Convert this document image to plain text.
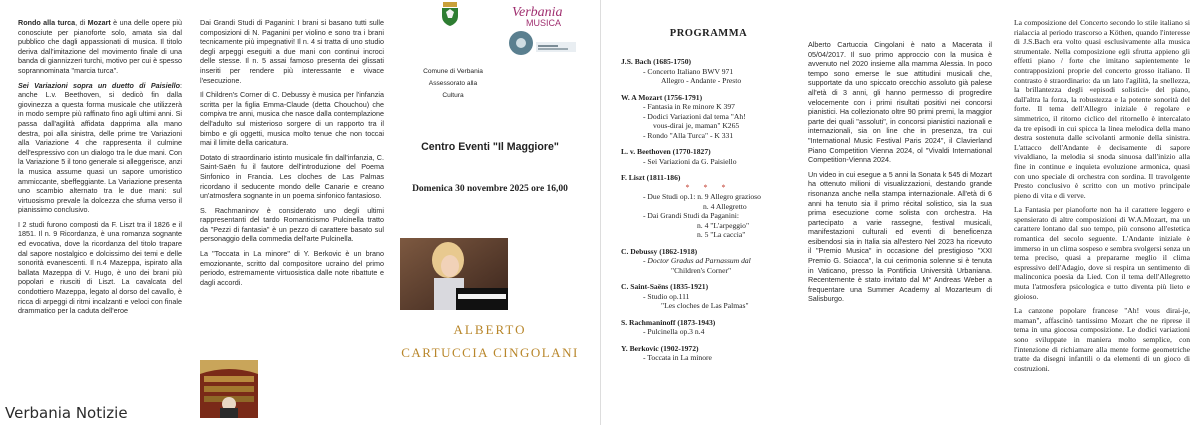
Rondo alla turca, di Mozart è una delle opere più conosciute per pianoforte solo, amata sia dal pubblico che dagli appassionati di musica. Il titolo deriva dall'imitazione del movimento finale di una banda di giannizzeri turchi, motivo per cui è spesso soprannominata "marcia turca".

Sei Variazioni sopra un duetto di Paisiello: anche L.v. Beethoven, si dedicò fin dalla giovinezza a questa forma musicale che utilizzerà in modo sempre più raffinato fino agli ultimi anni. Si passa dall'agilità affidata dapprima alla mano destra, poi alla sinistra, delle prime tre Variazioni alla Variazione 4 che rappresenta il culmine dell'espressivo con un dialogo tra le due mani. Con la Variazione 5 il tono generale si alleggerisce, anzi la musica assume quasi un sapore umoristico ammiccante, sbeffeggiante. La Variazione presenta uno scambio alternato tra le due mani: sul virtuosismo prevale la dolcezza che sfuma verso il pianissimo conclusivo.

I 2 studi furono composti da F. Liszt tra il 1826 e il 1851. Il n. 9 Ricordanza, è una romanza sognante ed evocativa, dove la ricordanza del titolo trapare dal sapore nostalgico e dolcissimo dei temi e delle sonorità evanescenti. Il n.4 Mazeppa, ispirato alla ballata Mazeppa di V. Hugo, è uno dei brani più popolari e riusciti di Liszt. La cavalcata del condottiero Mazeppa, legato al dorso del cavallo, è ricca di arpeggi di ritmi incalzanti e veloci con finale drammatico per la caduta dell'eroe

Dai Grandi Studi di Paganini: I brani si basano tutti sulle composizioni di N. Paganini per violino e sono tra i brani tecnicamente più impegnativi! Il n. 4 si tratta di uno studio degli arpeggi eseguiti a due mani con continui incroci delle stesse. Il n. 5 assai famoso presenta dei glissati inseriti per rendere più interessante e vivace l'esecuzione.

Il Children's Corner di C. Debussy è musica per l'infanzia scritta per la figlia Emma-Claude (detta Chouchou) che compiva tre anni, musica che nasce dalla contemplazione dell'adulto sul misterioso sorgere di un rapporto tra il bimbo e gli oggetti, musica molto tenue che non toccai mai il limite della caricatura.

Dotato di straordinario istinto musicale fin dall'infanzia, C. Saint-Saën fu il fautore dell'introduzione del Poema Sinfonico in Francia. Les cloches de Las Palmas ricordano il seducente mondo delle Canarie e creano un'atmosfera sognante in un poema sinfonico fantasioso.

S. Rachmaninov è considerato uno degli ultimi rappresentanti del tardo Romanticismo Pulcinella tratto da "Pezzi di fantasia" è un pezzo di carattere basato sul personaggio della commedia dell'arte Pulcinella.

La "Toccata in La minore" di Y. Berkovic è un brano emozionante, scritto dal compositore ucraino del primo periodo, estremamente virtuosistica dalle note ribattute e dagli accordi.

Verbania
MUSICA
Comune di Verbania
Assessorato alla Cultura
Centro Eventi "Il Maggiore"
Domenica 30 novembre 2025 ore 16,00
ALBERTO
CARTUCCIA CINGOLANI
PROGRAMMA
J.S. Bach (1685-1750)
- Concerto Italiano BWV 971
Allegro - Andante - Presto
W. A Mozart (1756-1791)
- Fantasia in Re minore K 397
- Dodici Variazioni dal tema "Ah!
vous-dirai je, maman" K265
- Rondo "Alla Turca" - K 331
L. v. Beethoven (1770-1827)
- Sei Variazioni da G. Paisiello
F. Liszt (1811-186)
* * *
- Due Studi op.1: n. 9 Allegro grazioso
n. 4 Allegretto
- Dai Grandi Studi da Paganini:
n. 4 "L'arpeggio"
n. 5 "La caccia"
C. Debussy (1862-1918)
- Doctor Gradus ad Parnassum dal
"Children's Corner"
C. Saint-Saëns (1835-1921)
- Studio op.111
"Les cloches de Las Palmas"
S. Rachmaninoff (1873-1943)
- Pulcinella op.3 n.4
Y. Berkovic (1902-1972)
- Toccata in La minore

Alberto Cartuccia Cingolani è nato a Macerata il 05/04/2017. Il suo primo approccio con la musica è avvenuto nel 2020 insieme alla mamma Alessia. In poco tempo sono emerse le sue attitudini musicali che, supportate da uno spiccato orecchio assoluto già palese all'età di 3 anni, gli hanno permesso di progredire velocemente con i primi risultati positivi nei concorsi pianistici. Ha collezionato oltre 90 primi premi, la maggior parte dei quali "assoluti", in concorsi pianistici nazionali e internazionali, sia on line che in presenza, tra cui "International Music Festival Paris 2024", il Clavierland Piano Competition Vienna 2024, ol "Vivaldi International Competition-Vienna 2024.

Un video in cui esegue a 5 anni la Sonata k 545 di Mozart ha ottenuto milioni di visualizzazioni, destando grande risonanza anche nella stampa internazionale. All'età di 6 anni ha tenuto sia il primo récital solistico, sia la sua prima esecuzione come solista con orchestra. Ha partecipato a varie rassegne, festival musicali, manifestazioni culturali ed eventi di beneficenza esibendosi sia in Italia sia all'estero Nel 2023 ha ricevuto il "Premio Musica" in occasione del prestigioso "XXI Premio G. Sciacca", la cui cerimonia solenne si è tenuta in Vaticano, presso la Pontificia Università Urbaniana. Recentemente è stato invitato dal M° Andreas Weber a frequentare una Summer Academy al Mozarteum di Salisburgo.

La composizione del Concerto secondo lo stile italiano si rialaccia al periodo trascorso a Köthen, quando l'interesse di J.S.Bach era volto quasi esclusivamente alla musica strumentale. Nella composizione egli sfrutta appieno gli effetti piano / forte che imitano sapientemente le contrapposizioni proprie del concerto grosso italiano. Il contrasto è straordinario: da un lato l'agilità, la snellezza, la brillantezza degli «episodi solistici» del piano, dall'altra la forza, la robustezza e la potente sonorità del forte. Il tema dell'Allegro iniziale è regolare e simmetrico, il ritorno ciclico del ritornello è intercalato da tre episodi in cui spicca la linea melodica della mano destra sostenuta dalle scivolanti armonie della sinistra. L'attacco dell'Andante è decisamente di sapore vivaldiano, la melodia si snoda sinuosa dall'inizio alla fine in continue e inquieta evoluzione armonica, quasi con uno speciale di orchestra con sordina. Il travolgente Presto conclusivo è scritto con un motivo principale pieno di vita e di verve.

La Fantasia per pianoforte non ha il carattere leggero e spensierato di altre composizioni di W.A.Mozart, ma un carattere lontano dal suo tempo, più consono all'estetica romantica del secolo seguente. L'Andante iniziale è immerso in un clima sospeso e sembra svolgersi senza un tema preciso, quasi a prepararne meglio il clima espressivo dell'Adagio, dove si respira un sentimento di malinconica poesia da Lied. Con il tema dell'Allegretto muta l'atmosfera psicologica e tutto diventa più lieto e gioioso.

La canzone popolare francese "Ah! vous dirai-je, maman", affascinò tantissimo Mozart che ne riprese il tema in una giocosa composizione. Le dodici variazioni sono sviluppate in maniera molto semplice, con l'intenzione di richiamare alla mente forme geometriche tratte da disegni infantili o da elementi di un gioco di costruzioni.

Verbania Notizie
